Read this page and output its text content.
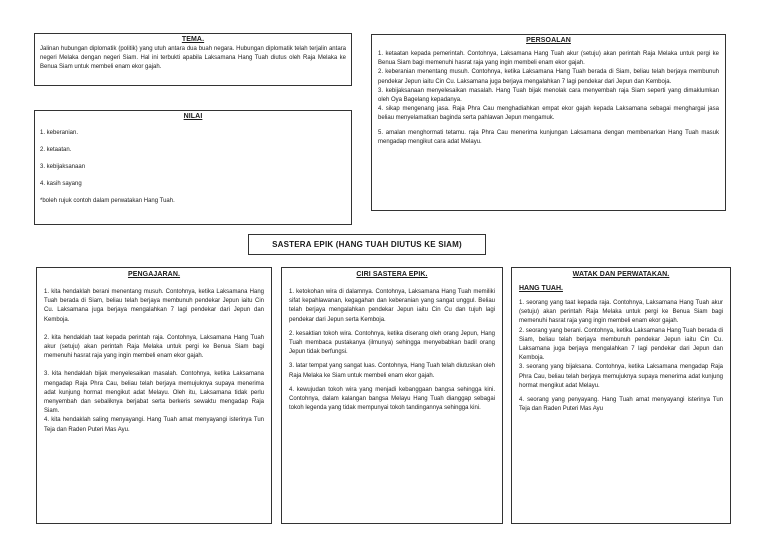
TEMA.

Jalinan hubungan diplomatik (politik) yang utuh antara dua buah negara. Hubungan diplomatik telah terjalin antara negeri Melaka dengan negeri Siam. Hal ini terbukti apabila Laksamana Hang Tuah diutus oleh Raja Melaka ke Benua Siam untuk membeli enam ekor gajah.

NILAI

1. keberanian.

2. ketaatan.

3. kebijaksanaan

4. kasih sayang

*boleh rujuk contoh dalam perwatakan Hang Tuah.

PERSOALAN

1. ketaatan kepada pemerintah. Contohnya, Laksamana Hang Tuah akur (setuju) akan perintah Raja Melaka untuk pergi ke Benua Siam bagi memenuhi hasrat raja yang ingin membeli enam ekor gajah.

2. keberanian menentang musuh. Contohnya, ketika Laksamana Hang Tuah berada di Siam, beliau telah berjaya membunuh pendekar Jepun iaitu Cin Cu. Laksamana juga berjaya mengalahkan 7 lagi pendekar dari Jepun dan Kemboja.

3. kebijaksanaan menyelesaikan masalah. Hang Tuah bijak menolak cara menyembah raja Siam seperti yang dimaklumkan oleh Oya Bagelang kepadanya.

4. sikap mengenang jasa. Raja Phra Cau menghadiahkan empat ekor gajah kepada Laksamana sebagai menghargai jasa beliau menyelamatkan baginda serta pahlawan Jepun mengamuk.

5. amalan menghormati tetamu. raja Phra Cau menerima kunjungan Laksamana dengan membenarkan Hang Tuah masuk mengadap mengikut cara adat Melayu.

SASTERA EPIK (HANG TUAH DIUTUS KE SIAM)

PENGAJARAN.

1. kita hendaklah berani menentang musuh. Contohnya, ketika Laksamana Hang Tuah berada di Siam, beliau telah berjaya membunuh pendekar Jepun iaitu Cin Cu. Laksamana juga berjaya mengalahkan 7 lagi pendekar dari Jepun dan Kemboja.

2. kita hendaklah taat kepada perintah raja. Contohnya, Laksamana Hang Tuah akur (setuju) akan perintah Raja Melaka untuk pergi ke Benua Siam bagi memenuhi hasrat raja yang ingin membeli enam ekor gajah.

3. kita hendaklah bijak menyelesaikan masalah. Contohnya, ketika Laksamana mengadap Raja Phra Cau, beliau telah berjaya memujuknya supaya menerima adat kunjung hormat mengikut adat Melayu. Oleh itu, Laksamana tidak perlu menyembah dan sebaliknya berjabat serta berkeris sewaktu mengadap Raja Siam.

4. kita hendaklah saling menyayangi. Hang Tuah amat menyayangi isterinya Tun Teja dan Raden Puteri Mas Ayu.

CIRI SASTERA EPIK.

1. ketokohan wira di dalamnya. Contohnya, Laksamana Hang Tuah memiliki sifat kepahlawanan, kegagahan dan keberanian yang sangat unggul. Beliau telah berjaya mengalahkan pendekar Jepun iaitu Cin Cu dan tujuh lagi pendekar dari Jepun serta Kemboja.

2. kesaktian tokoh wira. Contohnya, ketika diserang oleh orang Jepun, Hang Tuah membaca pustakanya (ilmunya) sehingga menyebabkan badil orang Jepun tidak berfungsi.

3. latar tempat yang sangat luas. Contohnya, Hang Tuah telah diutuskan oleh Raja Melaka ke Siam untuk membeli enam ekor gajah.

4. kewujudan tokoh wira yang menjadi kebanggaan bangsa sehingga kini. Contohnya, dalam kalangan bangsa Melayu Hang Tuah dianggap sebagai tokoh legenda yang tidak mempunyai tokoh tandingannya sehingga kini.

WATAK DAN PERWATAKAN.

HANG TUAH.

1. seorang yang taat kepada raja. Contohnya, Laksamana Hang Tuah akur (setuju) akan perintah Raja Melaka untuk pergi ke Benua Siam bagi memenuhi hasrat raja yang ingin membeli enam ekor gajah.

2. seorang yang berani. Contohnya, ketika Laksamana Hang Tuah berada di Siam, beliau telah berjaya membunuh pendekar Jepun iaitu Cin Cu. Laksamana juga berjaya mengalahkan 7 lagi pendekar dari Jepun dan Kemboja.

3. seorang yang bijaksana. Contohnya, ketika Laksamana mengadap Raja Phra Cau, beliau telah berjaya memujuknya supaya menerima adat kunjung hormat mengikut adat Melayu.

4. seorang yang penyayang. Hang Tuah amat menyayangi isterinya Tun Teja dan Raden Puteri Mas Ayu
